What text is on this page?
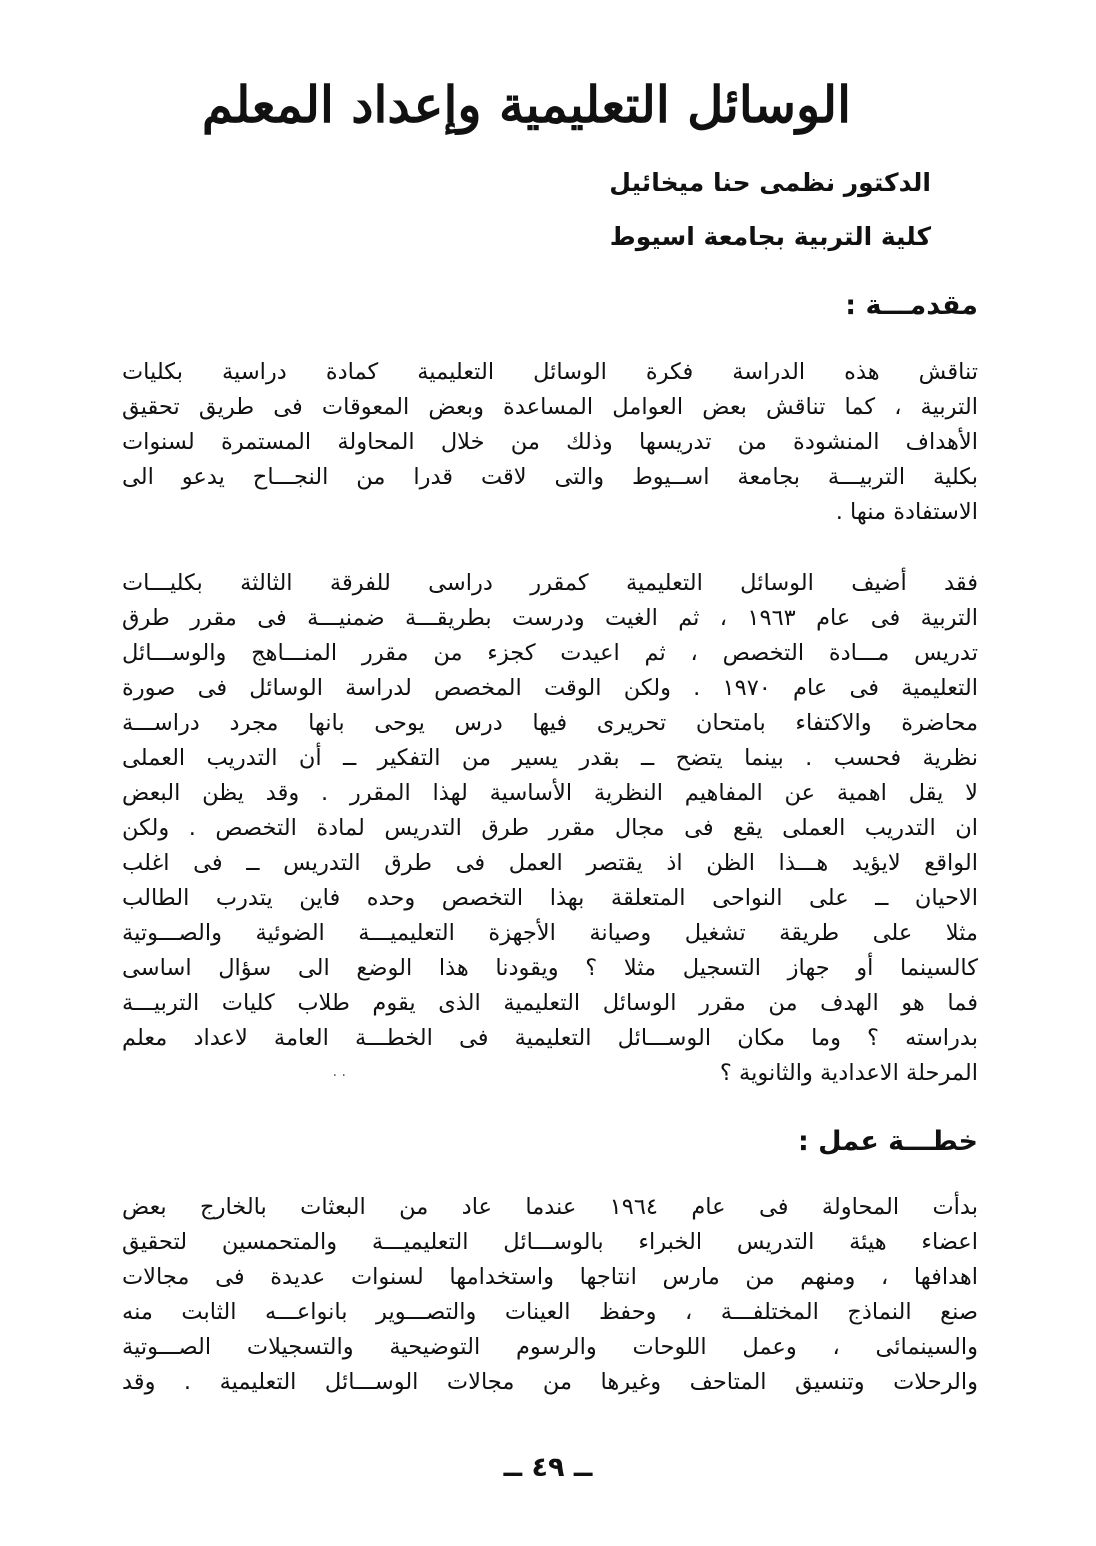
الوسائل التعليمية وإعداد المعلم
الدكتور نظمى حنا ميخائيل
كلية التربية بجامعة اسيوط
مقدمـــة :
تناقش هذه الدراسة فكرة الوسائل التعليمية كمادة دراسية بكليات
التربية ، كما تناقش بعض العوامل المساعدة وبعض المعوقات فى طريق تحقيق
الأهداف المنشودة من تدريسها وذلك من خلال المحاولة المستمرة لسنوات
بكلية التربيـــة بجامعة اســيوط والتى لاقت قدرا من النجـــاح يدعو الى
الاستفادة منها .
فقد أضيف الوسائل التعليمية كمقرر دراسى للفرقة الثالثة بكليـــات
التربية فى عام ١٩٦٣ ، ثم الغيت ودرست بطريقـــة ضمنيـــة فى مقرر طرق
تدريس مـــادة التخصص ، ثم اعيدت كجزء من مقرر المنـــاهج والوســـائل
التعليمية فى عام ١٩٧٠ . ولكن الوقت المخصص لدراسة الوسائل فى صورة
محاضرة والاكتفاء بامتحان تحريرى فيها درس يوحى بانها مجرد دراســـة
نظرية فحسب . بينما يتضح ــ بقدر يسير من التفكير ــ أن التدريب العملى
لا يقل اهمية عن المفاهيم النظرية الأساسية لهذا المقرر . وقد يظن البعض
ان التدريب العملى يقع فى مجال مقرر طرق التدريس لمادة التخصص . ولكن
الواقع لايؤيد هـــذا الظن اذ يقتصر العمل فى طرق التدريس ــ فى اغلب
الاحيان ــ على النواحى المتعلقة بهذا التخصص وحده فاين يتدرب الطالب
مثلا على طريقة تشغيل وصيانة الأجهزة التعليميـــة الضوئية والصـــوتية
كالسينما أو جهاز التسجيل مثلا ؟ ويقودنا هذا الوضع الى سؤال اساسى
فما هو الهدف من مقرر الوسائل التعليمية الذى يقوم طلاب كليات التربيـــة
بدراسته ؟ وما مكان الوســـائل التعليمية فى الخطـــة العامة لاعداد معلم
المرحلة الاعدادية والثانوية ؟
· ·
خطـــة عمل :
بدأت المحاولة فى عام ١٩٦٤ عندما عاد من البعثات بالخارج بعض
اعضاء هيئة التدريس الخبراء بالوســـائل التعليميـــة والمتحمسين لتحقيق
اهدافها ، ومنهم من مارس انتاجها واستخدامها لسنوات عديدة فى مجالات
صنع النماذج المختلفـــة ، وحفظ العينات والتصـــوير بانواعـــه الثابت منه
والسينمائى ، وعمل اللوحات والرسوم التوضيحية والتسجيلات الصـــوتية
والرحلات وتنسيق المتاحف وغيرها من مجالات الوســـائل التعليمية . وقد
ــ ٤٩ ــ
